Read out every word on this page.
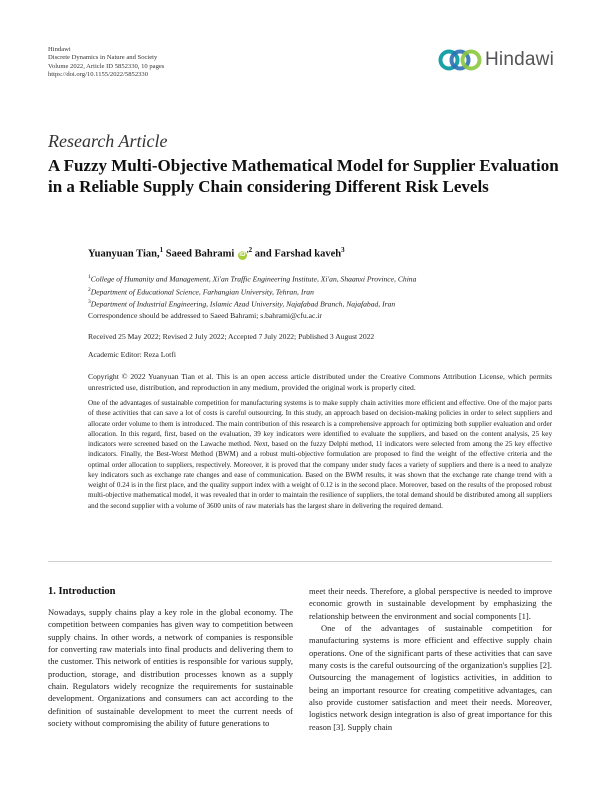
Hindawi
Discrete Dynamics in Nature and Society
Volume 2022, Article ID 5852330, 10 pages
https://doi.org/10.1155/2022/5852330
Hindawi
Research Article
A Fuzzy Multi-Objective Mathematical Model for Supplier Evaluation in a Reliable Supply Chain considering Different Risk Levels
Yuanyuan Tian,$^1$ Saeed Bahrami $iD^{,2}$ and Farshad kaveh$^3$
$^1$College of Humanity and Management, Xi'an Traffic Engineering Institute, Xi'an, Shaanxi Province, China
$^2$Department of Educational Science, Farhangian University, Tehran, Iran
$^3$Department of Industrial Engineering, Islamic Azad University, Najafabad Branch, Najafabad, Iran
Correspondence should be addressed to Saeed Bahrami; s.bahrami@cfu.ac.ir
Received 25 May 2022; Revised 2 July 2022; Accepted 7 July 2022; Published 3 August 2022
Academic Editor: Reza Lotfi
Copyright © 2022 Yuanyuan Tian et al. This is an open access article distributed under the Creative Commons Attribution License, which permits unrestricted use, distribution, and reproduction in any medium, provided the original work is properly cited.
One of the advantages of sustainable competition for manufacturing systems is to make supply chain activities more efficient and effective. One of the major parts of these activities that can save a lot of costs is careful outsourcing. In this study, an approach based on decision-making policies in order to select suppliers and allocate order volume to them is introduced. The main contribution of this research is a comprehensive approach for optimizing both supplier evaluation and order allocation. In this regard, first, based on the evaluation, 39 key indicators were identified to evaluate the suppliers, and based on the content analysis, 25 key indicators were screened based on the Lawache method. Next, based on the fuzzy Delphi method, 11 indicators were selected from among the 25 key effective indicators. Finally, the Best-Worst Method (BWM) and a robust multi-objective formulation are proposed to find the weight of the effective criteria and the optimal order allocation to suppliers, respectively. Moreover, it is proved that the company under study faces a variety of suppliers and there is a need to analyze key indicators such as exchange rate changes and ease of communication. Based on the BWM results, it was shown that the exchange rate change trend with a weight of 0.24 is in the first place, and the quality support index with a weight of 0.12 is in the second place. Moreover, based on the results of the proposed robust multi-objective mathematical model, it was revealed that in order to maintain the resilience of suppliers, the total demand should be distributed among all suppliers and the second supplier with a volume of 3600 units of raw materials has the largest share in delivering the required demand.
1. Introduction

Nowadays, supply chains play a key role in the global economy. The competition between companies has given way to competition between supply chains. In other words, a network of companies is responsible for converting raw materials into final products and delivering them to the customer. This network of entities is responsible for various supply, production, storage, and distribution processes known as a supply chain. Regulators widely recognize the requirements for sustainable development. Organizations and consumers can act according to the definition of sustainable development to meet the current needs of society without compromising the ability of future generations to

meet their needs. Therefore, a global perspective is needed to improve economic growth in sustainable development by emphasizing the relationship between the environment and social components [1].

One of the advantages of sustainable competition for manufacturing systems is more efficient and effective supply chain operations. One of the significant parts of these activities that can save many costs is the careful outsourcing of the organization's supplies [2]. Outsourcing the management of logistics activities, in addition to being an important resource for creating competitive advantages, can also provide customer satisfaction and meet their needs. Moreover, logistics network design integration is also of great importance for this reason [3]. Supply chain
